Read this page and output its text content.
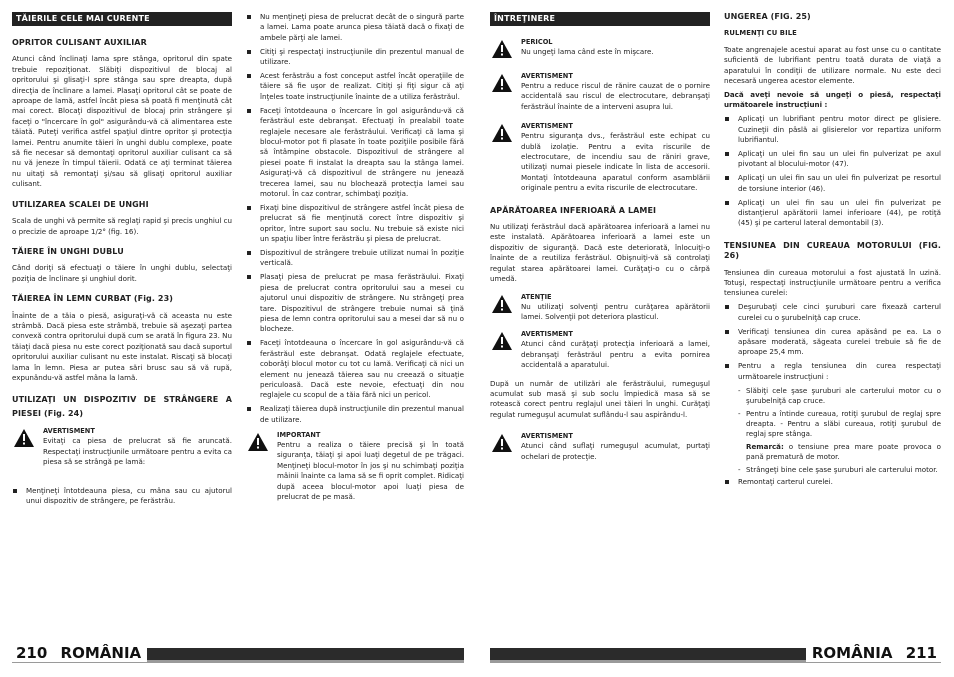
TĂIERILE CELE MAI CURENTE
OPRITOR CULISANT AUXILIAR

Atunci când înclinaţi lama spre stânga, opritorul din spate trebuie repoziţionat. Slăbiţi dispozitivul de blocaj al opritorului şi glisaţi-l spre stânga sau spre dreapta, după direcţia de înclinare a lamei. Plasaţi opritorul cât se poate de aproape de lamă, astfel încât piesa să poată fi menţinută cât mai corect. Blocaţi dispozitivul de blocaj prin strângere şi faceţi o "încercare în gol" asigurându-vă că alimentarea este tăiată. Puteţi verifica astfel spaţiul dintre opritor şi protecţia lamei. Pentru anumite tăieri în unghi dublu complexe, poate să fie necesar să demontaţi opritorul auxiliar culisant ca să nu vă jeneze în timpul tăierii. Odată ce aţi terminat tăierea nu uitaţi să remontaţi şi/sau să glisaţi opritorul auxiliar culisant.

UTILIZAREA SCALEI DE UNGHI

Scala de unghi vă permite să reglaţi rapid şi precis unghiul cu o precizie de aproape 1/2° (fig. 16).

TĂIERE ÎN UNGHI DUBLU

Când doriţi să efectuaţi o tăiere în unghi dublu, selectaţi poziţia de înclinare şi unghiul dorit.

TĂIEREA ÎN LEMN CURBAT (Fig. 23)

Înainte de a tăia o piesă, asiguraţi-vă că aceasta nu este strâmbă. Dacă piesa este strâmbă, trebuie să aşezaţi partea convexă contra opritorului după cum se arată în figura 23. Nu tăiaţi dacă piesa nu este corect poziţionată sau dacă suportul opritorului auxiliar culisant nu este instalat. Riscaţi să blocaţi lama în lemn. Piesa ar putea sări brusc sau să vă rupă, expunându-vă astfel mâna la lamă.

UTILIZAŢI UN DISPOZITIV DE STRÂNGERE A PIESEI (Fig. 24)
AVERTISMENT
Evitaţi ca piesa de prelucrat să fie aruncată. Respectaţi instrucţiunile următoare pentru a evita ca piesa să se strângă pe lamă:
Menţineţi întotdeauna piesa, cu mâna sau cu ajutorul unui dispozitiv de strângere, pe ferăstrău.
Nu menţineţi piesa de prelucrat decât de o singură parte a lamei. Lama poate arunca piesa tăiată dacă o fixaţi de ambele părţi ale lamei.
Citiţi şi respectaţi instrucţiunile din prezentul manual de utilizare.
Acest ferăstrău a fost conceput astfel încât operaţiile de tăiere să fie uşor de realizat. Citiţi şi fiţi sigur că aţi înţeles toate instrucţiunile înainte de a utiliza ferăstrăul.
Faceţi întotdeauna o încercare în gol asigurându-vă că ferăstrăul este debranşat. Efectuaţi în prealabil toate reglajele necesare ale ferăstrăului. Verificaţi că lama şi blocul-motor pot fi plasate în toate poziţiile posibile fără să întâmpine obstacole. Dispozitivul de strângere al piesei poate fi instalat la dreapta sau la stânga lamei. Asiguraţi-vă că dispozitivul de strângere nu jenează trecerea lamei, sau nu blochează protecţia lamei sau motorul. În caz contrar, schimbaţi poziţia.
Fixaţi bine dispozitivul de strângere astfel încât piesa de prelucrat să fie menţinută corect între dispozitiv şi opritor, între suport sau soclu. Nu trebuie să existe nici un spaţiu liber între ferăstrău şi piesa de prelucrat.
Dispozitivul de strângere trebuie utilizat numai în poziţie verticală.
Plasaţi piesa de prelucrat pe masa ferăstrăului. Fixaţi piesa de prelucrat contra opritorului sau a mesei cu ajutorul unui dispozitiv de strângere. Nu strângeţi prea tare. Dispozitivul de strângere trebuie numai să ţină piesa de lemn contra opritorului sau a mesei dar să nu o blocheze.
Faceţi întotdeauna o încercare în gol asigurându-vă că ferăstrăul este debranşat. Odată reglajele efectuate, coborâţi blocul motor cu tot cu lamă. Verificaţi că nici un element nu jenează tăierea sau nu creează o situaţie periculoasă. Dacă este nevoie, efectuaţi din nou reglajele cu scopul de a tăia fără nici un pericol.
Realizaţi tăierea după instrucţiunile din prezentul manual de utilizare.
IMPORTANT
Pentru a realiza o tăiere precisă şi în toată siguranţa, tăiaţi şi apoi luaţi degetul de pe trăgaci. Menţineţi blocul-motor în jos şi nu schimbaţi poziţia mâinii înainte ca lama să se fi oprit complet. Ridicaţi după aceea blocul-motor apoi luaţi piesa de prelucrat de pe masă.
210 ROMÂNIA
ÎNTREŢINERE
PERICOL
Nu ungeţi lama când este în mişcare.
AVERTISMENT
Pentru a reduce riscul de rănire cauzat de o pornire accidentală sau riscul de electrocutare, debranşaţi ferăstrăul înainte de a interveni asupra lui.
AVERTISMENT
Pentru siguranţa dvs., ferăstrăul este echipat cu dublă izolaţie. Pentru a evita riscurile de electrocutare, de incendiu sau de răniri grave, utilizaţi numai piesele indicate în lista de accesorii. Montaţi întotdeauna aparatul conform asamblării originale pentru a evita riscurile de electrocutare.
APĂRĂTOAREA INFERIOARĂ A LAMEI

Nu utilizaţi ferăstrăul dacă apărătoarea inferioară a lamei nu este instalată. Apărătoarea inferioară a lamei este un dispozitiv de siguranţă. Dacă este deteriorată, înlocuiţi-o înainte de a reutiliza ferăstrăul. Obişnuiţi-vă să controlaţi regulat starea apărătoarei lamei. Curăţaţi-o cu o cârpă umedă.

ATENŢIE
Nu utilizaţi solvenţi pentru curăţarea apărătorii lamei. Solvenţii pot deteriora plasticul.
AVERTISMENT
Atunci când curăţaţi protecţia inferioară a lamei, debranşaţi ferăstrăul pentru a evita pornirea accidentală a aparatului.

După un număr de utilizări ale ferăstrăului, rumeguşul acumulat sub masă şi sub soclu împiedică masa să se rotească corect pentru reglajul unei tăieri în unghi. Curăţaţi regulat rumeguşul acumulat suflându-l sau aspirându-l.

AVERTISMENT
Atunci când suflaţi rumeguşul acumulat, purtaţi ochelari de protecţie.
UNGEREA (FIG. 25)
RULMENŢI CU BILE

Toate angrenajele acestui aparat au fost unse cu o cantitate suficientă de lubrifiant pentru toată durata de viaţă a aparatului în condiţii de utilizare normale. Nu este deci necesară ungerea acestor elemente.

Dacă aveţi nevoie să ungeţi o piesă, respectaţi următoarele instrucţiuni :

Aplicaţi un lubrifiant pentru motor direct pe glisiere. Cuzineţii din pâslă ai glisierelor vor repartiza uniform lubrifiantul.
Aplicaţi un ulei fin sau un ulei fin pulverizat pe axul pivotant al blocului-motor (47).
Aplicaţi un ulei fin sau un ulei fin pulverizat pe resortul de torsiune interior (46).
Aplicaţi un ulei fin sau un ulei fin pulverizat pe distanţierul apărătorii lamei inferioare (44), pe rotiţă (45) şi pe carterul lateral demontabil (3).
TENSIUNEA DIN CUREAUA MOTORULUI (FIG. 26)

Tensiunea din cureaua motorului a fost ajustată în uzină. Totuşi, respectaţi instrucţiunile următoare pentru a verifica tensiunea curelei:

Deşurubaţi cele cinci şuruburi care fixează carterul curelei cu o şurubelniţă cap cruce.
Verificaţi tensiunea din curea apăsând pe ea. La o apăsare moderată, săgeata curelei trebuie să fie de aproape 25,4 mm.
Pentru a regla tensiunea din curea respectaţi următoarele instrucţiuni :
- Slăbiţi cele şase şuruburi ale carterului motor cu o şurubelniţă cap cruce.
- Pentru a întinde cureaua, rotiţi şurubul de reglaj spre dreapta. - Pentru a slăbi cureaua, rotiţi şurubul de reglaj spre stânga.
Remarcă: o tensiune prea mare poate provoca o pană prematură de motor.
- Strângeţi bine cele şase şuruburi ale carterului motor.
Remontaţi carterul curelei.
ROMÂNIA 211
